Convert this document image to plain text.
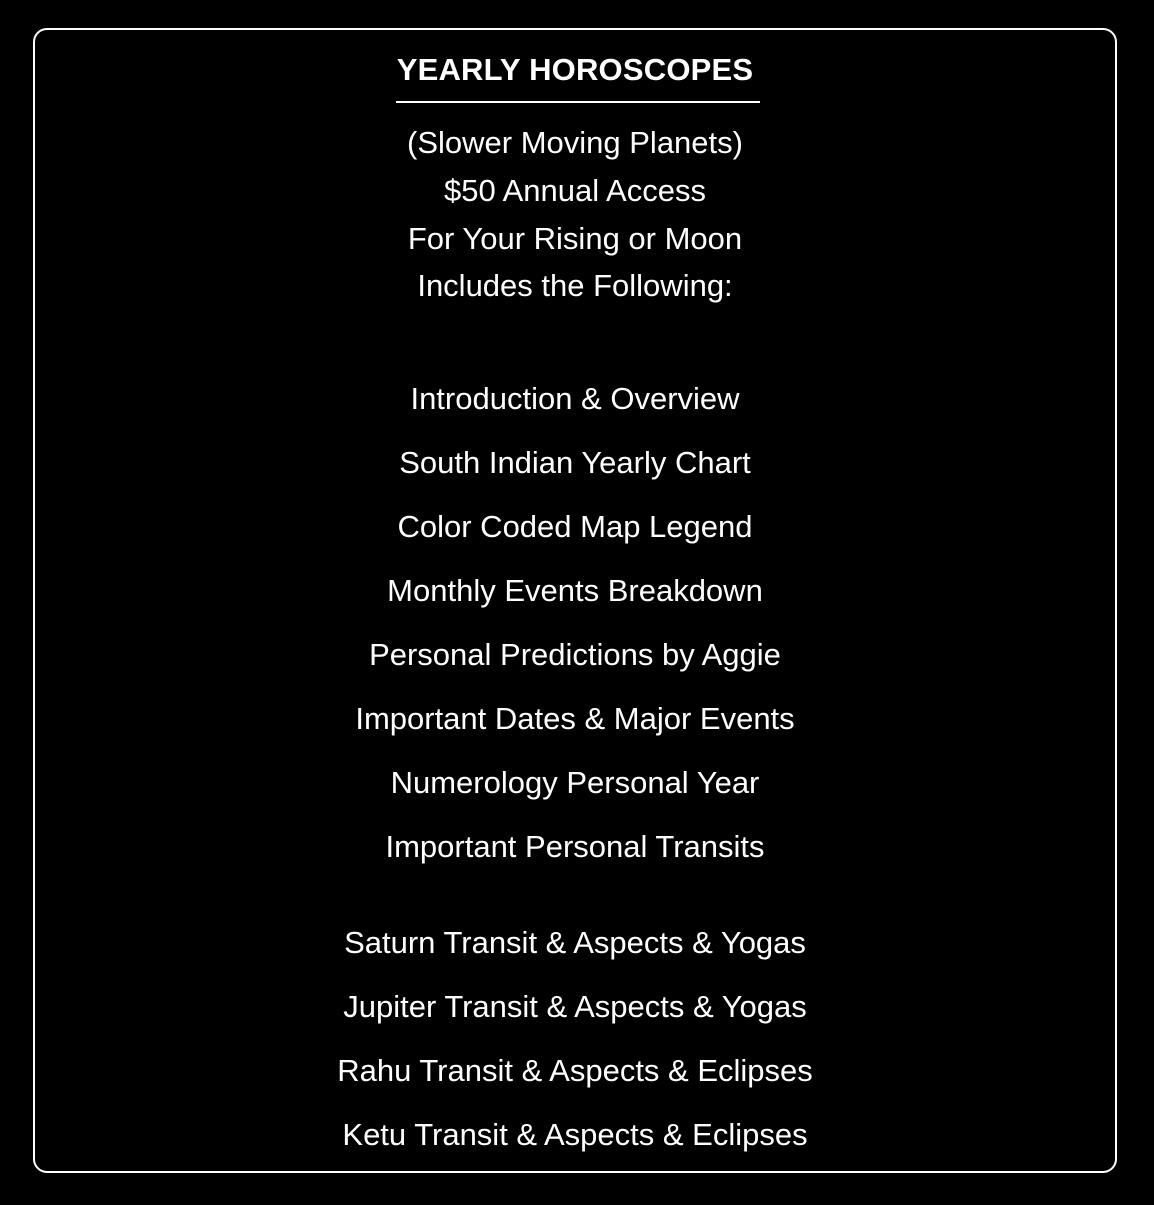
YEARLY HOROSCOPES
(Slower Moving Planets)
$50 Annual Access
For Your Rising or Moon
Includes the Following:
Introduction & Overview
South Indian Yearly Chart
Color Coded Map Legend
Monthly Events Breakdown
Personal Predictions by Aggie
Important Dates & Major Events
Numerology Personal Year
Important Personal Transits
Saturn Transit & Aspects & Yogas
Jupiter Transit & Aspects & Yogas
Rahu Transit & Aspects & Eclipses
Ketu Transit & Aspects & Eclipses
